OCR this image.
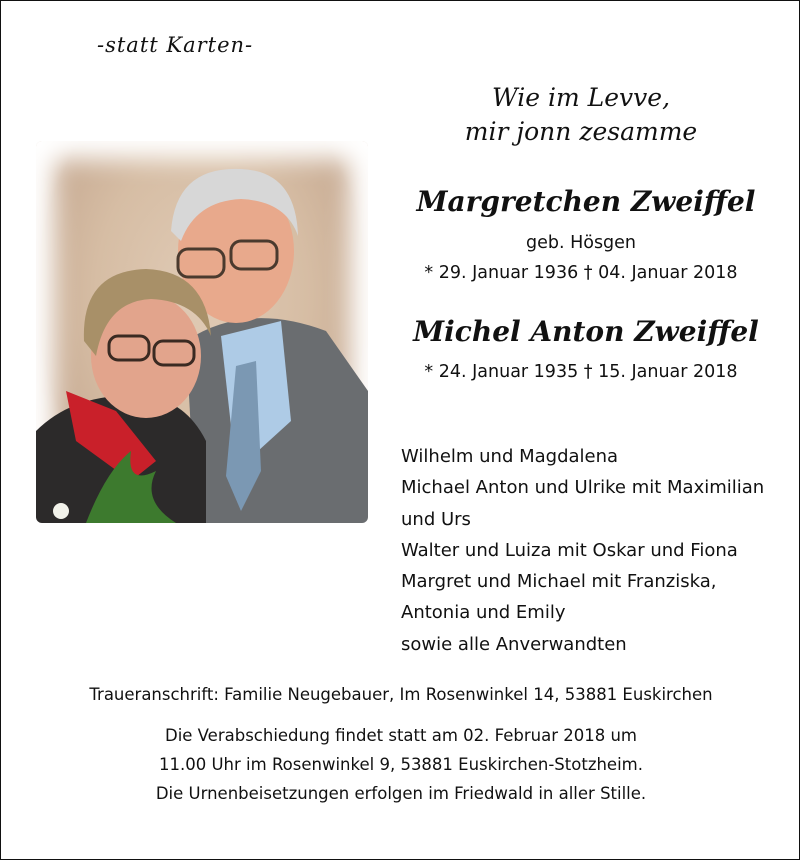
-statt Karten-
Wie im Levve,
mir jonn zesamme
Margretchen Zweiffel
geb. Hösgen
* 29. Januar 1936 † 04. Januar 2018
Michel Anton Zweiffel
* 24. Januar 1935 † 15. Januar 2018
Wilhelm und Magdalena
Michael Anton und Ulrike mit Maximilian
und Urs
Walter und Luiza mit Oskar und Fiona
Margret und Michael mit Franziska,
Antonia und Emily
sowie alle Anverwandten
Traueranschrift: Familie Neugebauer, Im Rosenwinkel 14, 53881 Euskirchen
Die Verabschiedung findet statt am 02. Februar 2018 um
11.00 Uhr im Rosenwinkel 9, 53881 Euskirchen-Stotzheim.
Die Urnenbeisetzungen erfolgen im Friedwald in aller Stille.
